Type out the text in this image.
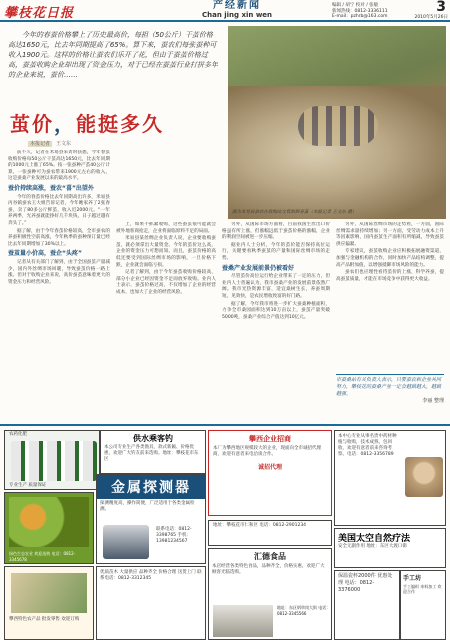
攀枝花日报
产经新闻
Chan jing xin wen
编辑 / 胡宁 校对 / 张敏
新闻热线：0812-3336111
E-mail：pzhrb@163.com
3
2010年5月26日
今年的春蚕价格攀上了历史最高价，每担（50公斤）干茧价格高达1650元，比去年同期提高了65%。算下来，蚕农们每张蚕种可收入1900元。这样的价格让蚕农们乐开了花，但由于蚕茧价格过高，蚕茧收购企业却出现了资金压力，对于已经在蚕茧行业打拼多年的企业来说，蚕价……
茧价，能挺多久
本报记者 王文东
图为米易县蚕农在收购站交售新鲜春茧（本报记者 王文东 摄）

前不久，记者在米易县采访时获悉，今年春茧收购价格每50公斤干茧高达1650元，比去年同期的1000元上涨了65%。按一张蚕种产茧40公斤计算，一张蚕种可为蚕农带来1900元左右的收入，这是蚕桑产业发展以来的最高水平。

蚕价持续高涨，蚕农“喜”出望外

今年的春茧价格比去年同期高出许多，米易县丙谷镇蚕农王大姐告诉记者，今年她家养了2张春蚕，卖了80多公斤鲜茧，收入近2000元。“一年养两季，光养蚕就能挣好几千块钱，日子越过越有奔头了。”

据了解，由于今年春茧价格较高，全市蚕农的养蚕积极性空前高涨，今年秋季的蚕种预订量已经比去年同期增加了30%以上。

蚕茧量小价高，蚕企“头疼”

记者从有关部门了解到，由于全国蚕茧产量减少，国内外丝绸市场回暖，导致蚕茧价格一路上涨。但对于收购企业来说，高价蚕茧意味着更大的资金压力和经营风险。

上，如果不抓紧收购，这些蚕茧很可能就会被外地客商抢走，企业将面临原料不足的局面。

米易县某丝绸企业负责人说，企业要收购蚕茧，就必须拿出大量资金。今年的茧价这么高，企业的资金压力可想而知。而且，蚕茧价格的高低还要受到国际丝绸市场的影响，一旦价格下跌，企业就会面临亏损。

记者了解到，由于今年蚕茧收购价格较高，部分小企业已经因资金不足而放弃收购。业内人士表示，蚕茧价格过高，不仅增加了企业的经营成本，也加大了企业的经营风险。

另外，从国际市场方面看，目前我国生丝出口价格虽有所上涨，但涨幅远低于蚕茧价格的涨幅，企业的利润空间被进一步压缩。

据业内人士分析，今年的茧价能否保持高位运行，关键要看秋季蚕茧的产量和国际丝绸市场的走势。

蚕桑产业发展前景仍被看好

尽管茧价高位运行给企业带来了一定的压力，但业内人士普遍认为，我市蚕桑产业的发展前景依然广阔。我市光热资源丰富，适宜桑树生长，养蚕周期短、见效快，是农民增收致富的好门路。

据了解，今年我市将进一步扩大蚕桑种植面积，力争全市桑园面积达到10万亩以上，蚕茧产量突破5000吨，蚕桑产业综合产值达到10亿元。

另外，从国际丝绸市场的走势看，一方面，国际丝绸需求量持续增加；另一方面，受劳动力成本上升等因素影响，国内蚕茧生产面积有所缩减，导致蚕茧供应偏紧。

专家建议，蚕茧收购企业应积极拓展融资渠道，加强与金融机构的合作，同时加快产品结构调整，提高产品附加值，以增强抵御市场风险的能力。

蚕农们也应理性看待茧价的上涨，科学养蚕，提高蚕茧质量，才能在市场竞争中获得更大收益。

市蚕桑站有关负责人表示，只要蚕农和企业共同努力，攀枝花的蚕桑产业一定会越做越大，越做越强。
李丽 整理
农药化肥
专业生产 质量保证
绿色生态农业 欢迎选购 电话：0812-3345678
供水乘客钓
本公司专业生产各类渔具，款式新颖、价格优惠，欢迎广大钓友前来选购。地址：攀枝花市东区
金属探测器
探测精度高，操作简便，广泛适用于各类金属检测。
联系电话：0812-3398765 手机：13981234567
攀西特色农产品 批发零售 欢迎订购
优质苗木 大量供应 品种齐全 价格合理 送货上门 联系电话：0812-3312345
攀西企业招商
本厂为攀西地区规模较大的企业，现面向全市诚招代理商，欢迎有意者来电洽谈合作。
诚招代理
地址：攀枝花市仁和区 电话：0812-2901234
汇德食品
本店经营各类特色食品，品种齐全，价格实惠，欢迎广大顾客光临选购。
地址：东区炳草岗大街 电话：0812-3345566
本中心专业从事名贵中药材种植与收购，技术成熟，包回收，欢迎有意者前来咨询考察。电话：0812-3356789
美国太空自然疗法
安全无副作用 地址：东区大渡口街
保温瓷杯2000件 优惠处理 电话：0812-3376000
手工坊
手工编织 来料加工 欢迎合作
